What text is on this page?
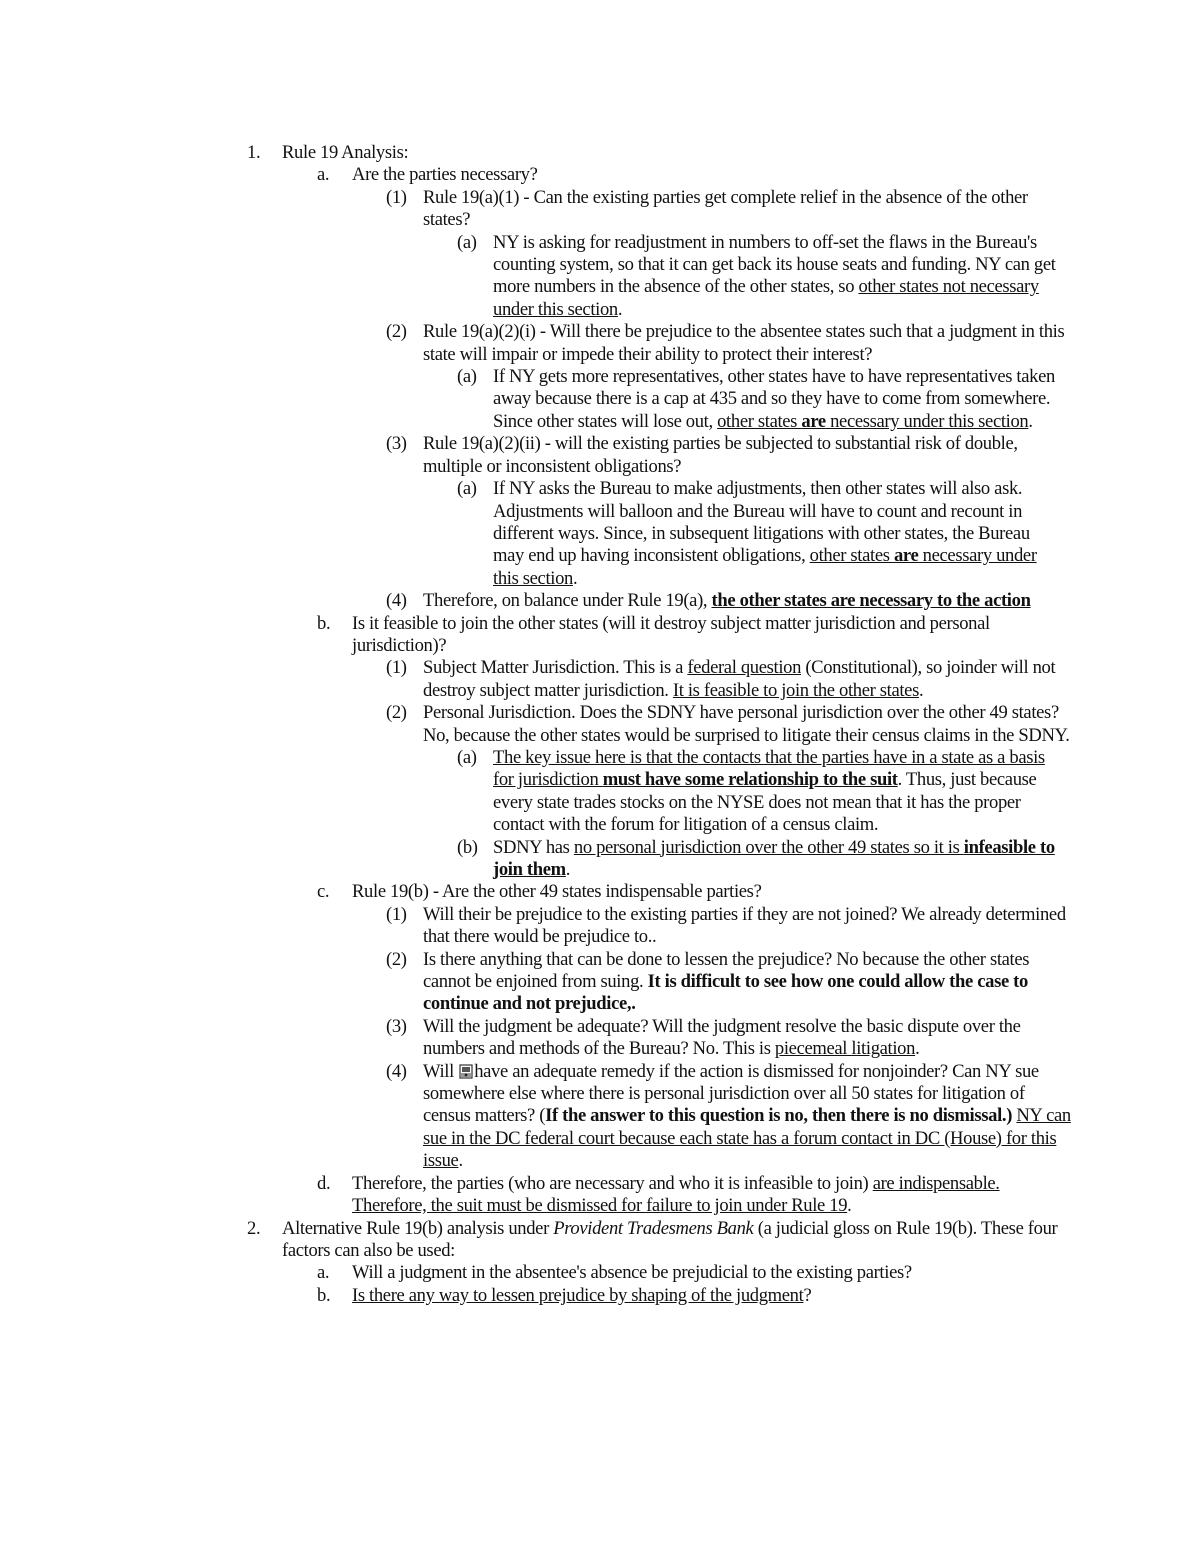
1. Rule 19 Analysis:
a. Are the parties necessary?
(1) Rule 19(a)(1) - Can the existing parties get complete relief in the absence of the other states?
(a) NY is asking for readjustment in numbers to off-set the flaws in the Bureau's counting system, so that it can get back its house seats and funding. NY can get more numbers in the absence of the other states, so other states not necessary under this section.
(2) Rule 19(a)(2)(i) - Will there be prejudice to the absentee states such that a judgment in this state will impair or impede their ability to protect their interest?
(a) If NY gets more representatives, other states have to have representatives taken away because there is a cap at 435 and so they have to come from somewhere. Since other states will lose out, other states are necessary under this section.
(3) Rule 19(a)(2)(ii) - will the existing parties be subjected to substantial risk of double, multiple or inconsistent obligations?
(a) If NY asks the Bureau to make adjustments, then other states will also ask. Adjustments will balloon and the Bureau will have to count and recount in different ways. Since, in subsequent litigations with other states, the Bureau may end up having inconsistent obligations, other states are necessary under this section.
(4) Therefore, on balance under Rule 19(a), the other states are necessary to the action
b. Is it feasible to join the other states (will it destroy subject matter jurisdiction and personal jurisdiction)?
(1) Subject Matter Jurisdiction. This is a federal question (Constitutional), so joinder will not destroy subject matter jurisdiction. It is feasible to join the other states.
(2) Personal Jurisdiction. Does the SDNY have personal jurisdiction over the other 49 states? No, because the other states would be surprised to litigate their census claims in the SDNY.
(a) The key issue here is that the contacts that the parties have in a state as a basis for jurisdiction must have some relationship to the suit. Thus, just because every state trades stocks on the NYSE does not mean that it has the proper contact with the forum for litigation of a census claim.
(b) SDNY has no personal jurisdiction over the other 49 states so it is infeasible to join them.
c. Rule 19(b) - Are the other 49 states indispensable parties?
(1) Will their be prejudice to the existing parties if they are not joined? We already determined that there would be prejudice to..
(2) Is there anything that can be done to lessen the prejudice? No because the other states cannot be enjoined from suing. It is difficult to see how one could allow the case to continue and not prejudice,.
(3) Will the judgment be adequate? Will the judgment resolve the basic dispute over the numbers and methods of the Bureau? No. This is piecemeal litigation.
(4) Will
have an adequate remedy if the action is dismissed for nonjoinder? Can NY sue somewhere else where there is personal jurisdiction over all 50 states for litigation of census matters? (If the answer to this question is no, then there is no dismissal.) NY can sue in the DC federal court because each state has a forum contact in DC (House) for this issue.
d. Therefore, the parties (who are necessary and who it is infeasible to join) are indispensable. Therefore, the suit must be dismissed for failure to join under Rule 19.
2. Alternative Rule 19(b) analysis under Provident Tradesmens Bank (a judicial gloss on Rule 19(b). These four factors can also be used:
a. Will a judgment in the absentee's absence be prejudicial to the existing parties?
b. Is there any way to lessen prejudice by shaping of the judgment?
